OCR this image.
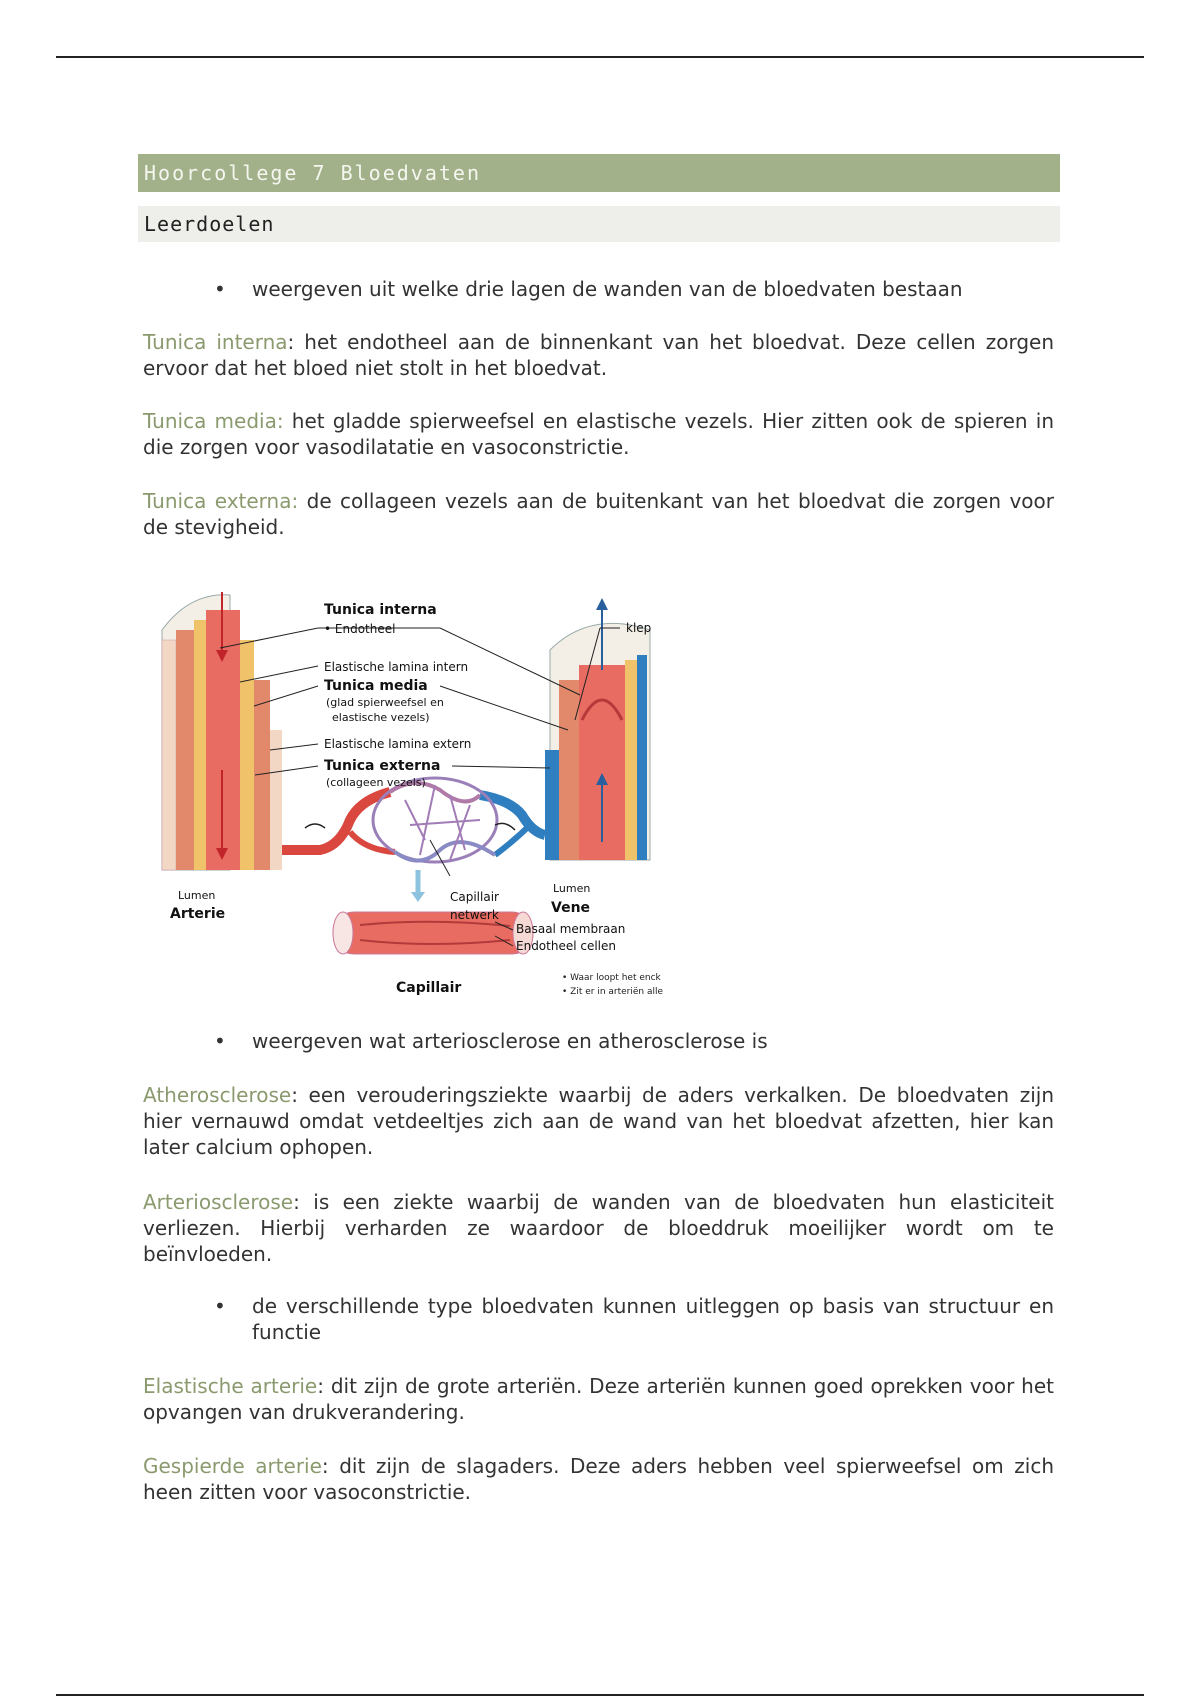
Hoorcollege 7 Bloedvaten
Leerdoelen
• weergeven uit welke drie lagen de wanden van de bloedvaten bestaan
Tunica interna: het endotheel aan de binnenkant van het bloedvat. Deze cellen zorgen ervoor dat het bloed niet stolt in het bloedvat.
Tunica media: het gladde spierweefsel en elastische vezels. Hier zitten ook de spieren in die zorgen voor vasodilatatie en vasoconstrictie.
Tunica externa: de collageen vezels aan de buitenkant van het bloedvat die zorgen voor de stevigheid.
Tunica interna
• Endotheel	klep
Elastische lamina intern
Tunica media
(glad spierweefsel en
elastische vezels)
Elastische lamina extern
Tunica externa
(collageen vezels)
Lumen
Arterie
Capillair
netwerk
Lumen
Vene
Basaal membraan
Endotheel cellen
Capillair
• Waar loopt het enck
• Zit er in arteriën alle
• weergeven wat arteriosclerose en atherosclerose is
Atherosclerose: een verouderingsziekte waarbij de aders verkalken. De bloedvaten zijn hier vernauwd omdat vetdeeltjes zich aan de wand van het bloedvat afzetten, hier kan later calcium ophopen.
Arteriosclerose: is een ziekte waarbij de wanden van de bloedvaten hun elasticiteit verliezen. Hierbij verharden ze waardoor de bloeddruk moeilijker wordt om te beïnvloeden.
• de verschillende type bloedvaten kunnen uitleggen op basis van structuur en functie
Elastische arterie: dit zijn de grote arteriën. Deze arteriën kunnen goed oprekken voor het opvangen van drukverandering.
Gespierde arterie: dit zijn de slagaders. Deze aders hebben veel spierweefsel om zich heen zitten voor vasoconstrictie.
